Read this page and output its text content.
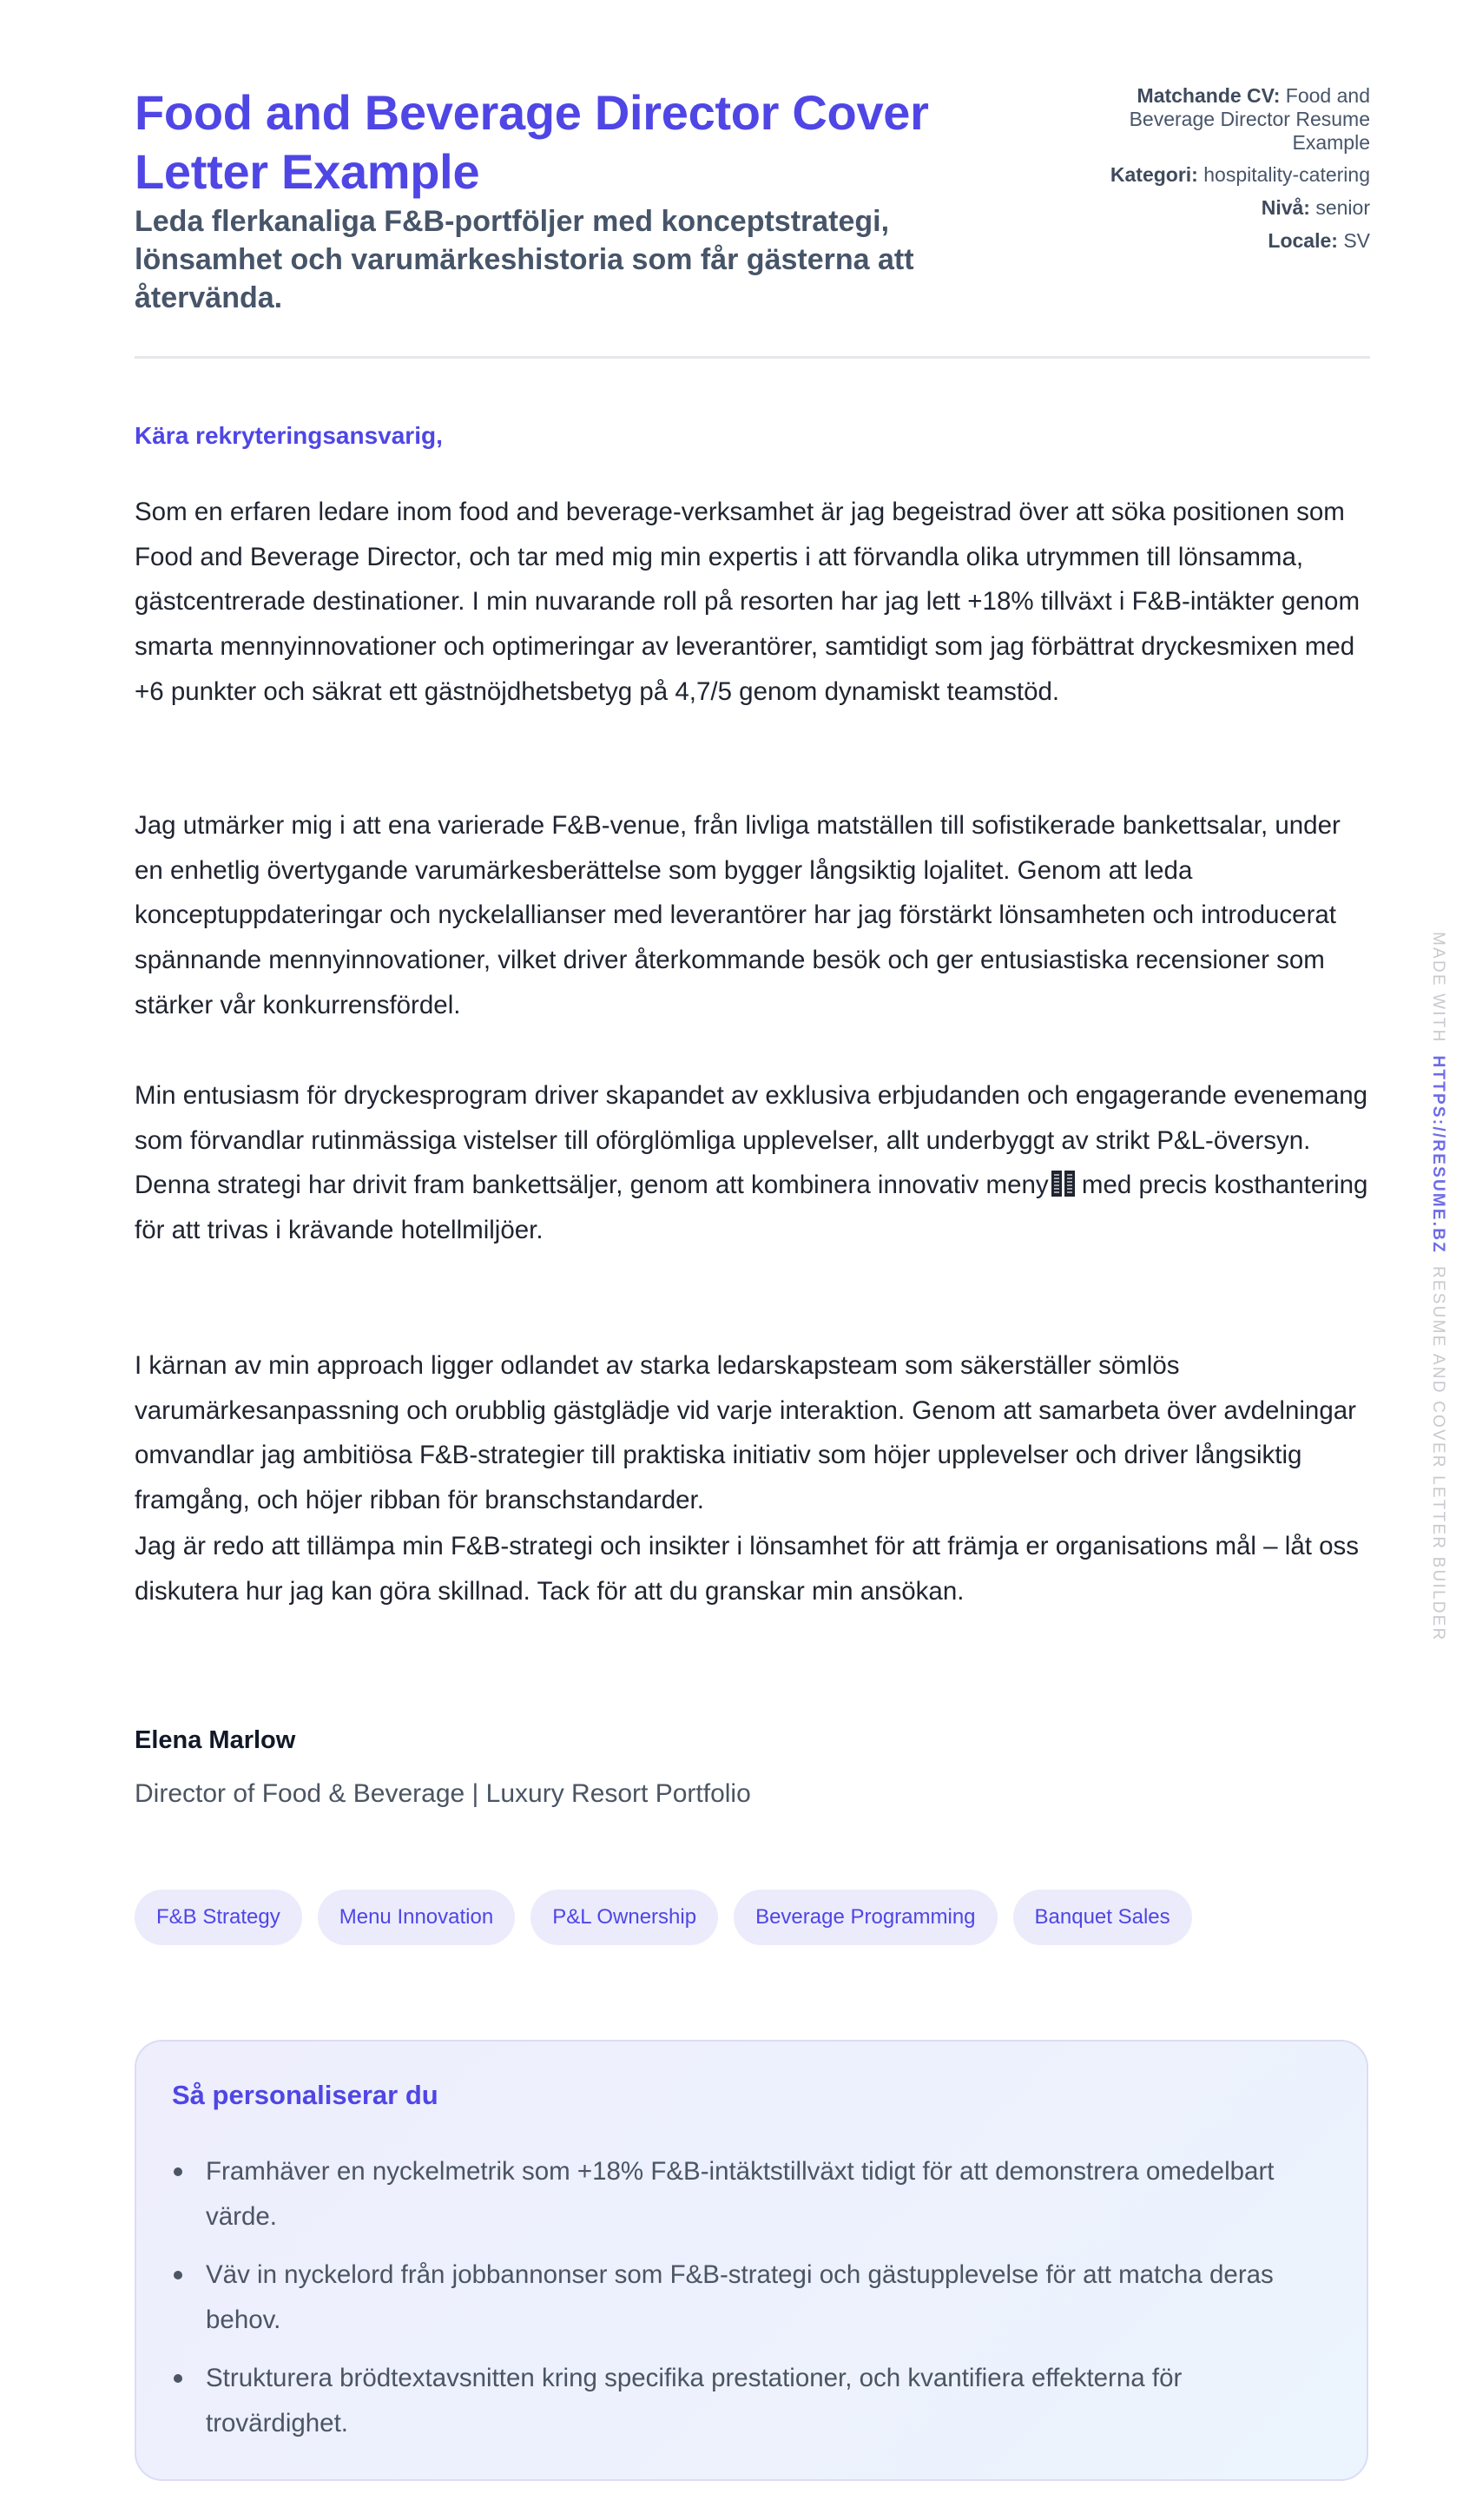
Food and Beverage Director Cover Letter Example
Leda flerkanaliga F&B-portföljer med konceptstrategi, lönsamhet och varumärkeshistoria som får gästerna att återvända.
Matchande CV: Food and Beverage Director Resume Example
Kategori: hospitality-catering
Nivå: senior
Locale: SV

Kära rekryteringsansvarig,

Som en erfaren ledare inom food and beverage-verksamhet är jag begeistrad över att söka positionen som Food and Beverage Director, och tar med mig min expertis i att förvandla olika utrymmen till lönsamma, gästcentrerade destinationer. I min nuvarande roll på resorten har jag lett +18% tillväxt i F&B-intäkter genom smarta mennyinnovationer och optimeringar av leverantörer, samtidigt som jag förbättrat dryckesmixen med +6 punkter och säkrat ett gästnöjdhetsbetyg på 4,7/5 genom dynamiskt teamstöd.

Jag utmärker mig i att ena varierade F&B-venue, från livliga matställen till sofistikerade bankettsalar, under en enhetlig övertygande varumärkesberättelse som bygger långsiktig lojalitet. Genom att leda konceptuppdateringar och nyckelallianser med leverantörer har jag förstärkt lönsamheten och introducerat spännande mennyinnovationer, vilket driver återkommande besök och ger entusiastiska recensioner som stärker vår konkurrensfördel.

Min entusiasm för dryckesprogram driver skapandet av exklusiva erbjudanden och engagerande evenemang som förvandlar rutinmässiga vistelser till oförglömliga upplevelser, allt underbyggt av strikt P&L-översyn. Denna strategi har drivit fram bankettsäljer, genom att kombinera innovativ meny med precis kosthantering för att trivas i krävande hotellmiljöer.

I kärnan av min approach ligger odlandet av starka ledarskapsteam som säkerställer sömlös varumärkesanpassning och orubblig gästglädje vid varje interaktion. Genom att samarbeta över avdelningar omvandlar jag ambitiösa F&B-strategier till praktiska initiativ som höjer upplevelser och driver långsiktig framgång, och höjer ribban för branschstandarder.

Jag är redo att tillämpa min F&B-strategi och insikter i lönsamhet för att främja er organisations mål – låt oss diskutera hur jag kan göra skillnad. Tack för att du granskar min ansökan.

Elena Marlow

Director of Food & Beverage | Luxury Resort Portfolio

F&B Strategy	Menu Innovation	P&L Ownership	Beverage Programming	Banquet Sales
Så personaliserar du
Framhäver en nyckelmetrik som +18% F&B-intäktstillväxt tidigt för att demonstrera omedelbart värde.
Väv in nyckelord från jobbannonser som F&B-strategi och gästupplevelse för att matcha deras behov.
Strukturera brödtextavsnitten kring specifika prestationer, och kvantifiera effekterna för trovärdighet.
MADE WITHHTTPS://RESUME.BZRESUME AND COVER LETTER BUILDER
